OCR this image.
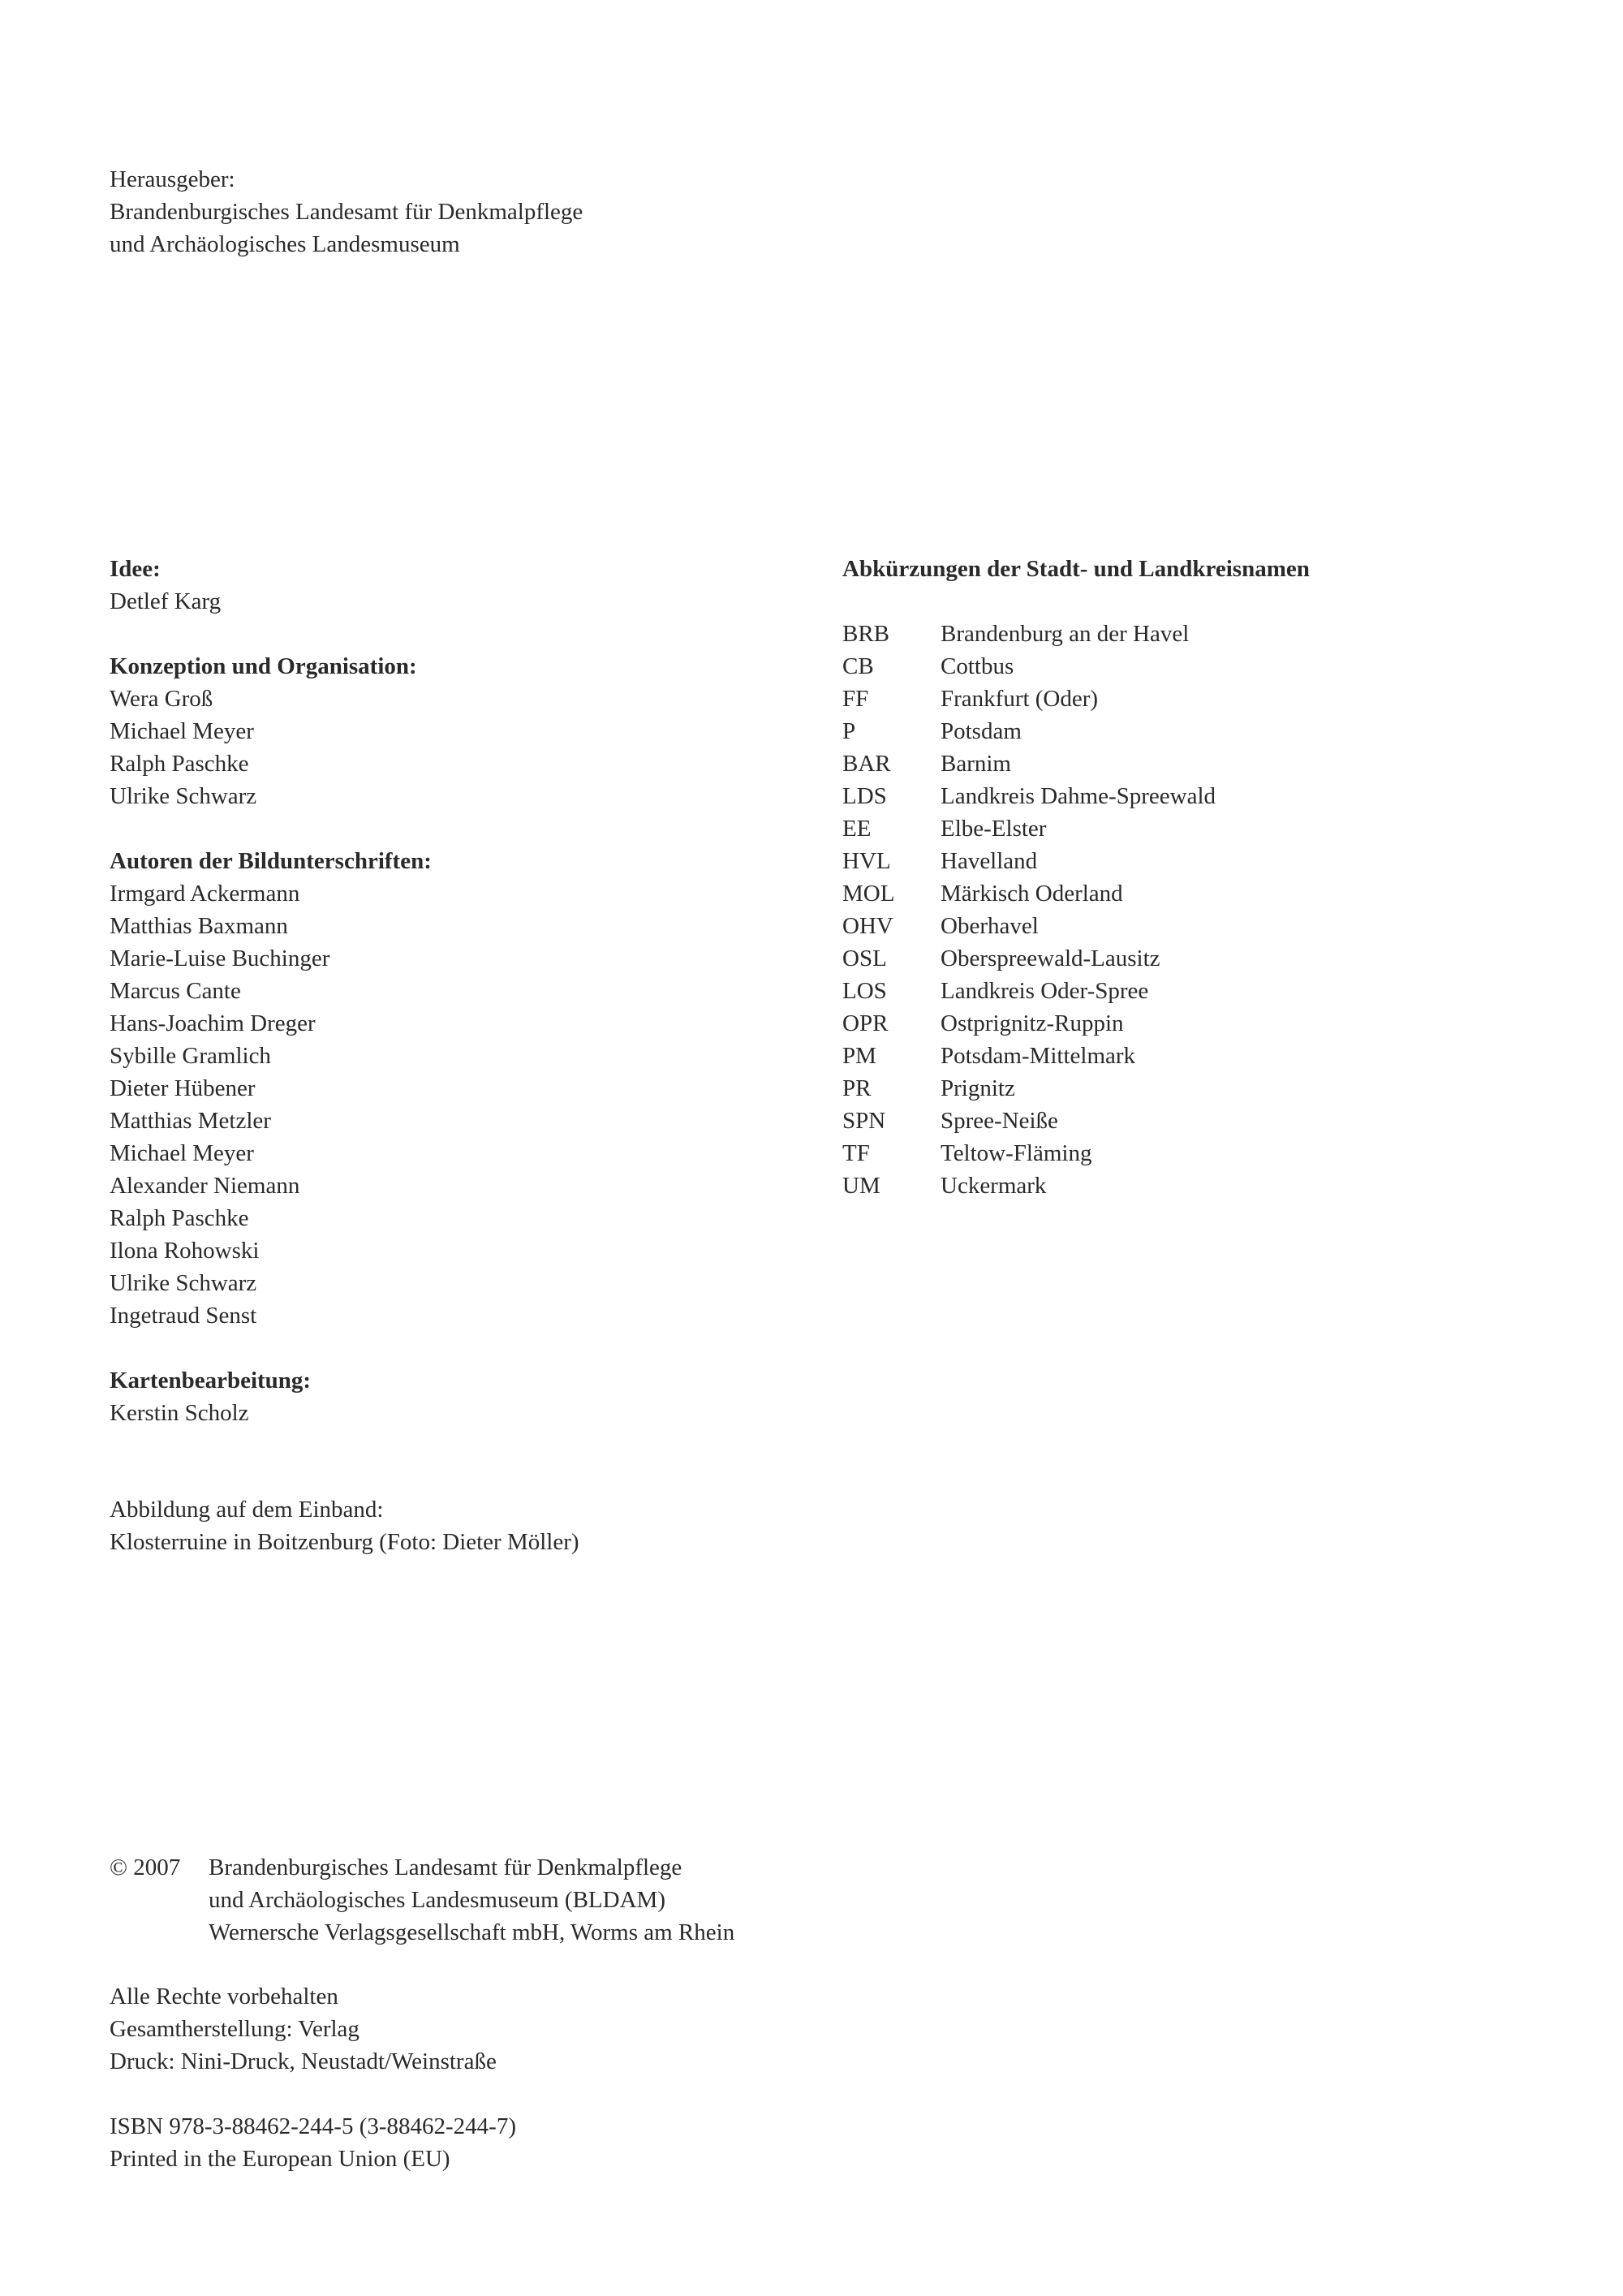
Herausgeber:
Brandenburgisches Landesamt für Denkmalpflege
und Archäologisches Landesmuseum
Idee:
Detlef Karg
Konzeption und Organisation:
Wera Groß
Michael Meyer
Ralph Paschke
Ulrike Schwarz
Autoren der Bildunterschriften:
Irmgard Ackermann
Matthias Baxmann
Marie-Luise Buchinger
Marcus Cante
Hans-Joachim Dreger
Sybille Gramlich
Dieter Hübener
Matthias Metzler
Michael Meyer
Alexander Niemann
Ralph Paschke
Ilona Rohowski
Ulrike Schwarz
Ingetraud Senst
Kartenbearbeitung:
Kerstin Scholz
Abbildung auf dem Einband:
Klosterruine in Boitzenburg (Foto: Dieter Möller)
Abkürzungen der Stadt- und Landkreisnamen
BRB	Brandenburg an der Havel
CB	Cottbus
FF	Frankfurt (Oder)
P	Potsdam
BAR	Barnim
LDS	Landkreis Dahme-Spreewald
EE	Elbe-Elster
HVL	Havelland
MOL	Märkisch Oderland
OHV	Oberhavel
OSL	Oberspreewald-Lausitz
LOS	Landkreis Oder-Spree
OPR	Ostprignitz-Ruppin
PM	Potsdam-Mittelmark
PR	Prignitz
SPN	Spree-Neiße
TF	Teltow-Fläming
UM	Uckermark
© 2007	Brandenburgisches Landesamt für Denkmalpflege
und Archäologisches Landesmuseum (BLDAM)
Wernersche Verlagsgesellschaft mbH, Worms am Rhein
Alle Rechte vorbehalten
Gesamtherstellung: Verlag
Druck: Nini-Druck, Neustadt/Weinstraße
ISBN 978-3-88462-244-5 (3-88462-244-7)
Printed in the European Union (EU)
